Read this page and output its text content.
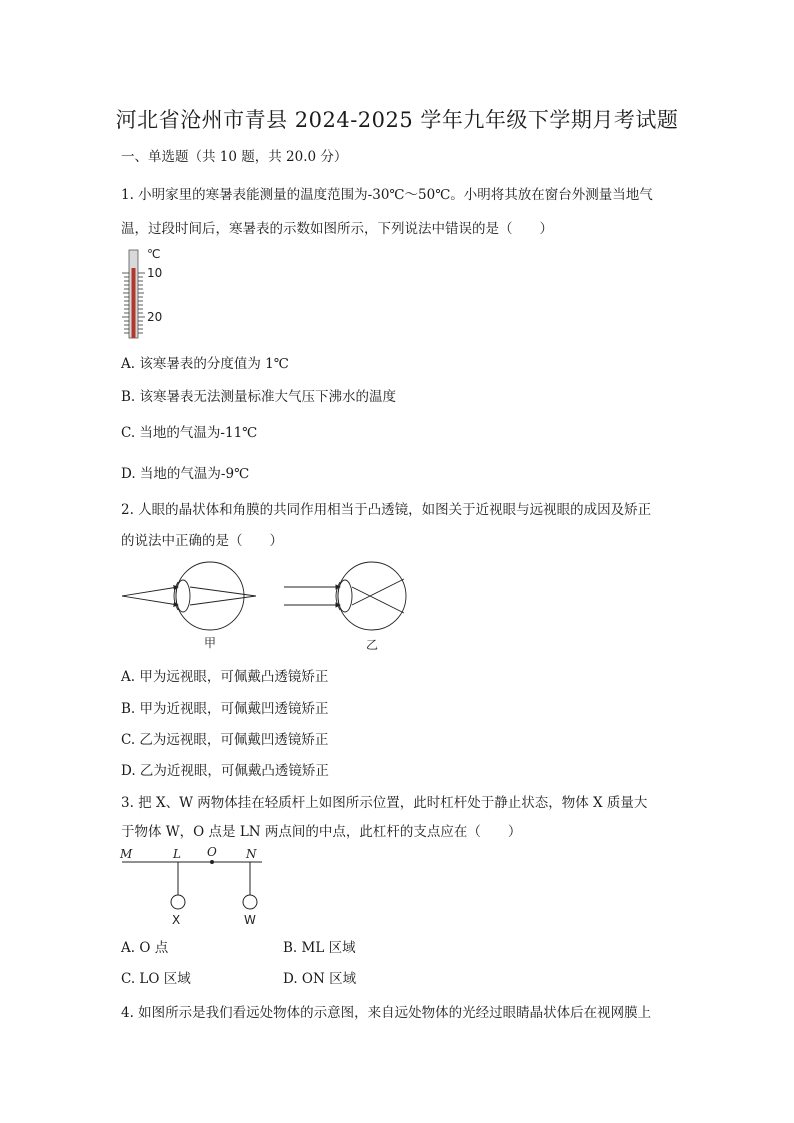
河北省沧州市青县 2024-2025 学年九年级下学期月考试题
一、单选题（共 10 题，共 20.0 分）
1. 小明家里的寒暑表能测量的温度范围为-30℃～50℃。小明将其放在窗台外测量当地气
温，过段时间后，寒暑表的示数如图所示，下列说法中错误的是（　　）
℃
10
20
A. 该寒暑表的分度值为 1℃
B. 该寒暑表无法测量标准大气压下沸水的温度
C. 当地的气温为-11℃
D. 当地的气温为-9℃
2. 人眼的晶状体和角膜的共同作用相当于凸透镜，如图关于近视眼与远视眼的成因及矫正
的说法中正确的是（　　）
甲	乙
A. 甲为远视眼，可佩戴凸透镜矫正
B. 甲为近视眼，可佩戴凹透镜矫正
C. 乙为远视眼，可佩戴凹透镜矫正
D. 乙为近视眼，可佩戴凸透镜矫正
3. 把 X、W 两物体挂在轻质杆上如图所示位置，此时杠杆处于静止状态，物体 X 质量大
于物体 W，O 点是 LN 两点间的中点，此杠杆的支点应在（　　）
M	L O N
X	W
A. O 点	B. ML 区域
C. LO 区域	D. ON 区域
4. 如图所示是我们看远处物体的示意图，来自远处物体的光经过眼睛晶状体后在视网膜上
